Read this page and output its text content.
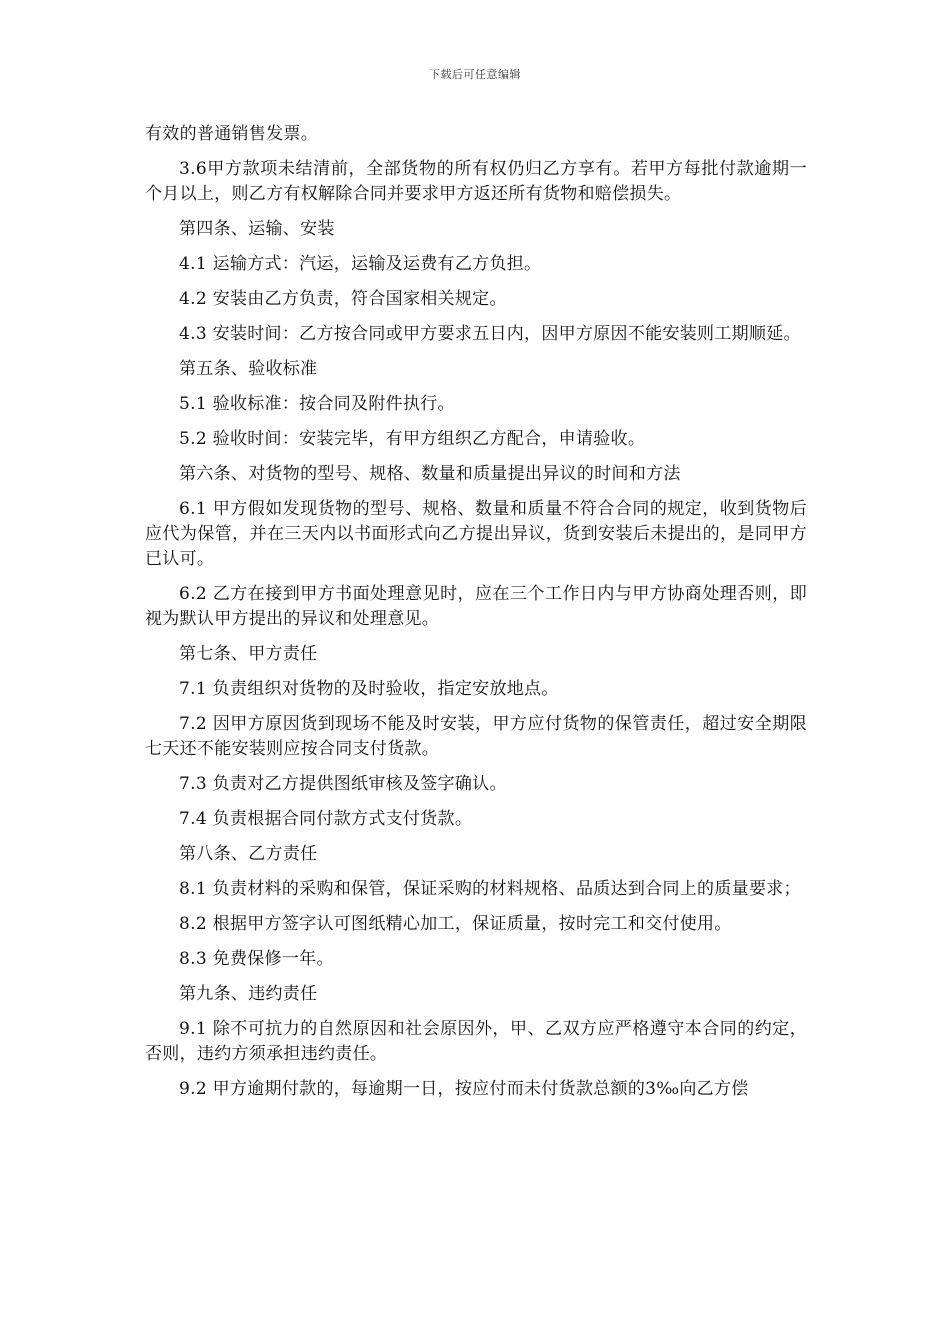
下载后可任意编辑

有效的普通销售发票。

3.6甲方款项未结清前，全部货物的所有权仍归乙方享有。若甲方每批付款逾期一个月以上，则乙方有权解除合同并要求甲方返还所有货物和赔偿损失。

第四条、运输、安装

4.1 运输方式：汽运，运输及运费有乙方负担。

4.2 安装由乙方负责，符合国家相关规定。

4.3 安装时间：乙方按合同或甲方要求五日内，因甲方原因不能安装则工期顺延。

第五条、验收标准

5.1 验收标准：按合同及附件执行。

5.2 验收时间：安装完毕，有甲方组织乙方配合，申请验收。

第六条、对货物的型号、规格、数量和质量提出异议的时间和方法

6.1 甲方假如发现货物的型号、规格、数量和质量不符合合同的规定，收到货物后应代为保管，并在三天内以书面形式向乙方提出异议，货到安装后未提出的，是同甲方已认可。

6.2 乙方在接到甲方书面处理意见时，应在三个工作日内与甲方协商处理否则，即视为默认甲方提出的异议和处理意见。

第七条、甲方责任

7.1 负责组织对货物的及时验收，指定安放地点。

7.2 因甲方原因货到现场不能及时安装，甲方应付货物的保管责任，超过安全期限七天还不能安装则应按合同支付货款。

7.3 负责对乙方提供图纸审核及签字确认。

7.4 负责根据合同付款方式支付货款。

第八条、乙方责任

8.1 负责材料的采购和保管，保证采购的材料规格、品质达到合同上的质量要求；

8.2 根据甲方签字认可图纸精心加工，保证质量，按时完工和交付使用。

8.3 免费保修一年。

第九条、违约责任

9.1 除不可抗力的自然原因和社会原因外，甲、乙双方应严格遵守本合同的约定，否则，违约方须承担违约责任。

9.2 甲方逾期付款的，每逾期一日，按应付而未付货款总额的3‰向乙方偿
